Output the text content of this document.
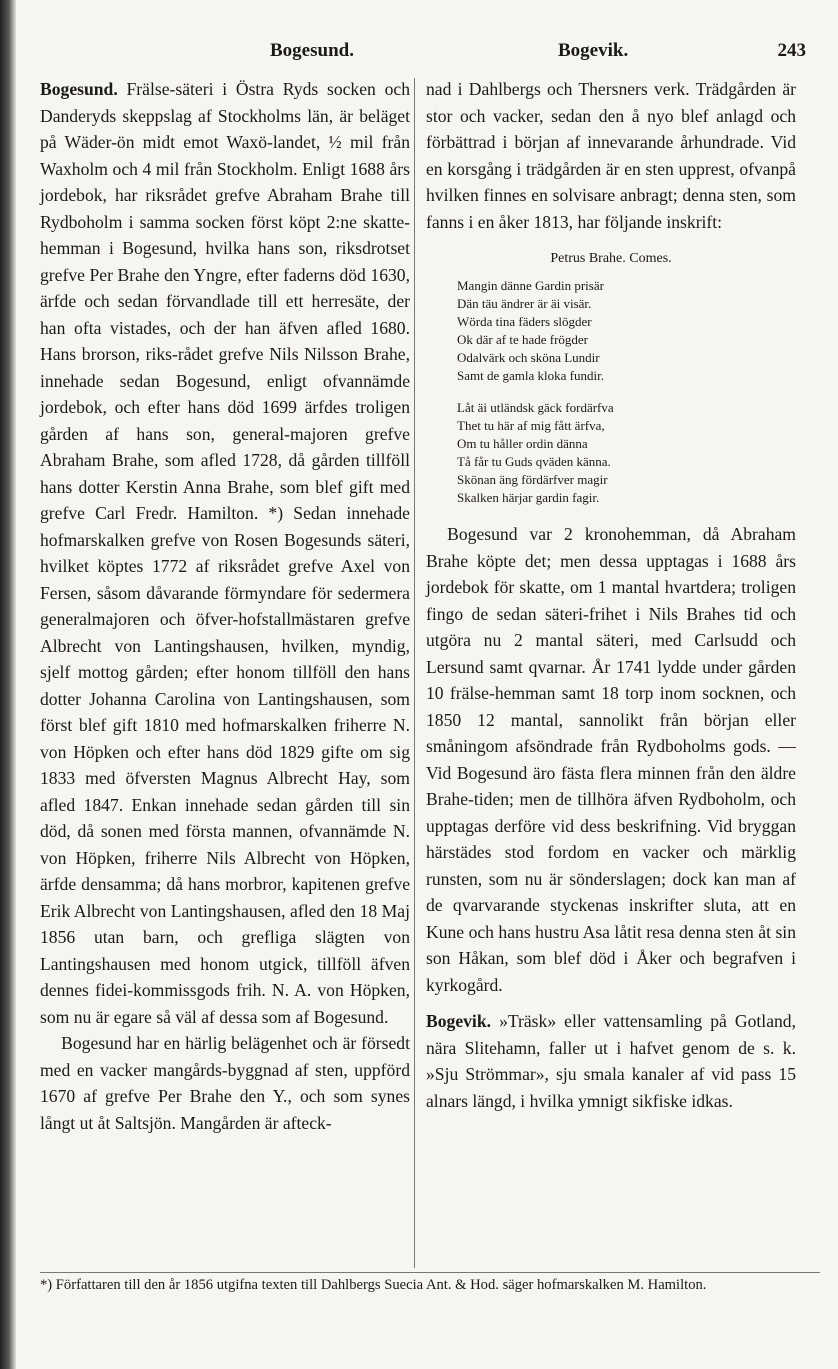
Bogesund.	Bogevik.	243

Bogesund. Frälse-säteri i Östra Ryds socken och Danderyds skeppslag af Stockholms län, är beläget på Wäder-ön midt emot Waxö-landet, ½ mil från Waxholm och 4 mil från Stockholm. Enligt 1688 års jordebok, har riksrådet grefve Abraham Brahe till Rydboholm i samma socken först köpt 2:ne skatte-hemman i Bogesund, hvilka hans son, riksdrotset grefve Per Brahe den Yngre, efter faderns död 1630, ärfde och sedan förvandlade till ett herresäte, der han ofta vistades, och der han äfven afled 1680. Hans brorson, riks-rådet grefve Nils Nilsson Brahe, innehade sedan Bogesund, enligt ofvannämde jordebok, och efter hans död 1699 ärfdes troligen gården af hans son, general-majoren grefve Abraham Brahe, som afled 1728, då gården tillföll hans dotter Kerstin Anna Brahe, som blef gift med grefve Carl Fredr. Hamilton. *) Sedan innehade hofmarskalken grefve von Rosen Bogesunds säteri, hvilket köptes 1772 af riksrådet grefve Axel von Fersen, såsom dåvarande förmyndare för sedermera generalmajoren och öfver-hofstallmästaren grefve Albrecht von Lantingshausen, hvilken, myndig, sjelf mottog gården; efter honom tillföll den hans dotter Johanna Carolina von Lantingshausen, som först blef gift 1810 med hofmarskalken friherre N. von Höpken och efter hans död 1829 gifte om sig 1833 med öfversten Magnus Albrecht Hay, som afled 1847. Enkan innehade sedan gården till sin död, då sonen med första mannen, ofvannämde N. von Höpken, friherre Nils Albrecht von Höpken, ärfde densamma; då hans morbror, kapitenen grefve Erik Albrecht von Lantingshausen, afled den 18 Maj 1856 utan barn, och grefliga slägten von Lantingshausen med honom utgick, tillföll äfven dennes fidei-kommissgods frih. N. A. von Höpken, som nu är egare så väl af dessa som af Bogesund.

Bogesund har en härlig belägenhet och är försedt med en vacker mangårds-byggnad af sten, uppförd 1670 af grefve Per Brahe den Y., och som synes långt ut åt Saltsjön. Mangården är afteck-

nad i Dahlbergs och Thersners verk. Trädgården är stor och vacker, sedan den å nyo blef anlagd och förbättrad i början af innevarande århundrade. Vid en korsgång i trädgården är en sten upprest, ofvanpå hvilken finnes en solvisare anbragt; denna sten, som fanns i en åker 1813, har följande inskrift:

Petrus Brahe. Comes.
Mangin dänne Gardin prisär
Dän täu ändrer är äi visär.
Wörda tina fäders slögder
Ok där af te hade frögder
Odalvärk och sköna Lundir
Samt de gamla kloka fundir.
Låt äi utländsk gäck fordärfva
Thet tu här af mig fått ärfva,
Om tu håller ordin dänna
Tå får tu Guds qväden känna.
Skönan äng fördärfver magir
Skalken härjar gardin fagir.

Bogesund var 2 kronohemman, då Abraham Brahe köpte det; men dessa upptagas i 1688 års jordebok för skatte, om 1 mantal hvartdera; troligen fingo de sedan säteri-frihet i Nils Brahes tid och utgöra nu 2 mantal säteri, med Carlsudd och Lersund samt qvarnar. År 1741 lydde under gården 10 frälse-hemman samt 18 torp inom socknen, och 1850 12 mantal, sannolikt från början eller småningom afsöndrade från Rydboholms gods. — Vid Bogesund äro fästa flera minnen från den äldre Brahe-tiden; men de tillhöra äfven Rydboholm, och upptagas derföre vid dess beskrifning. Vid bryggan härstädes stod fordom en vacker och märklig runsten, som nu är sönderslagen; dock kan man af de qvarvarande styckenas inskrifter sluta, att en Kune och hans hustru Asa låtit resa denna sten åt sin son Håkan, som blef död i Åker och begrafven i kyrkogård.

Bogevik. »Träsk» eller vattensamling på Gotland, nära Slitehamn, faller ut i hafvet genom de s. k. »Sju Strömmar», sju smala kanaler af vid pass 15 alnars längd, i hvilka ymnigt sikfiske idkas.

*) Författaren till den år 1856 utgifna texten till Dahlbergs Suecia Ant. & Hod. säger hofmarskalken M. Hamilton.
